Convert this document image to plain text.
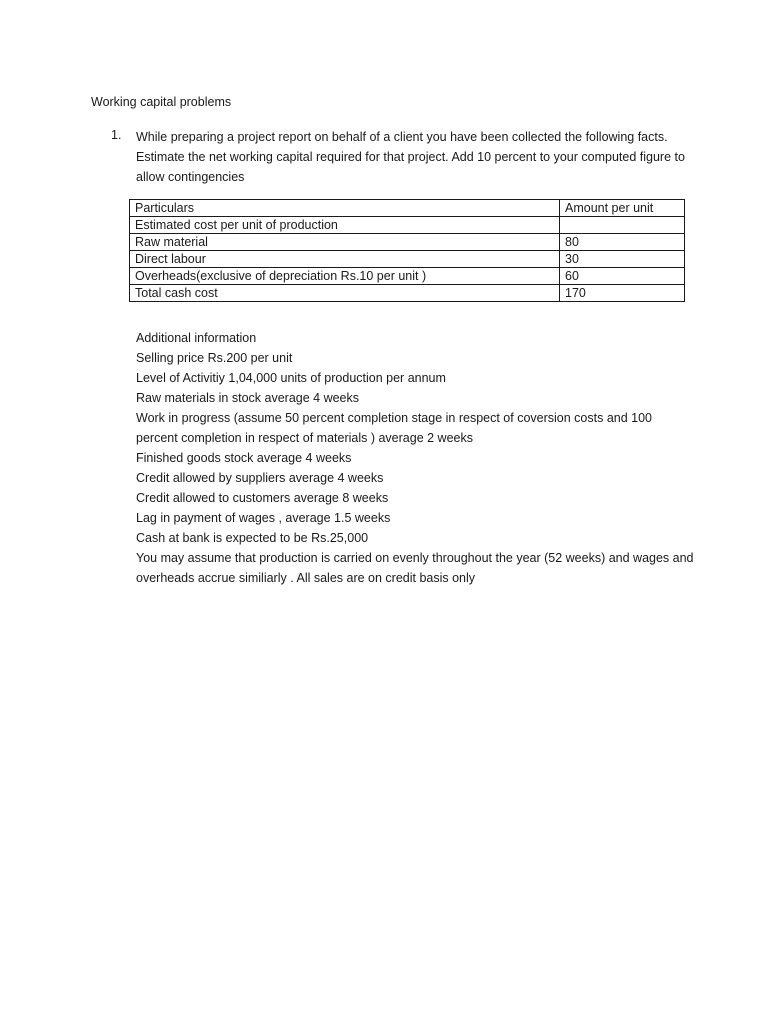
Working capital problems
1. While preparing a project report on behalf of a client you have been collected the following facts. Estimate the net working capital required for that project. Add 10 percent to your computed figure to allow contingencies

Particulars	Amount per unit
Estimated cost per unit of production	
Raw material	80
Direct labour	30
Overheads(exclusive of depreciation Rs.10 per unit )	60
Total cash cost	170
Additional information
Selling price Rs.200 per unit
Level of Activitiy 1,04,000 units of production per annum
Raw materials in stock average 4 weeks
Work in progress (assume 50 percent completion stage in respect of coversion costs and 100 percent completion in respect of materials ) average 2 weeks
Finished goods stock average 4 weeks
Credit allowed by suppliers average 4 weeks
Credit allowed to customers average 8 weeks
Lag in payment of wages , average 1.5 weeks
Cash at bank is expected to be Rs.25,000
You may assume that production is carried on evenly throughout the year (52 weeks) and wages and overheads accrue similiarly . All sales are on credit basis only
